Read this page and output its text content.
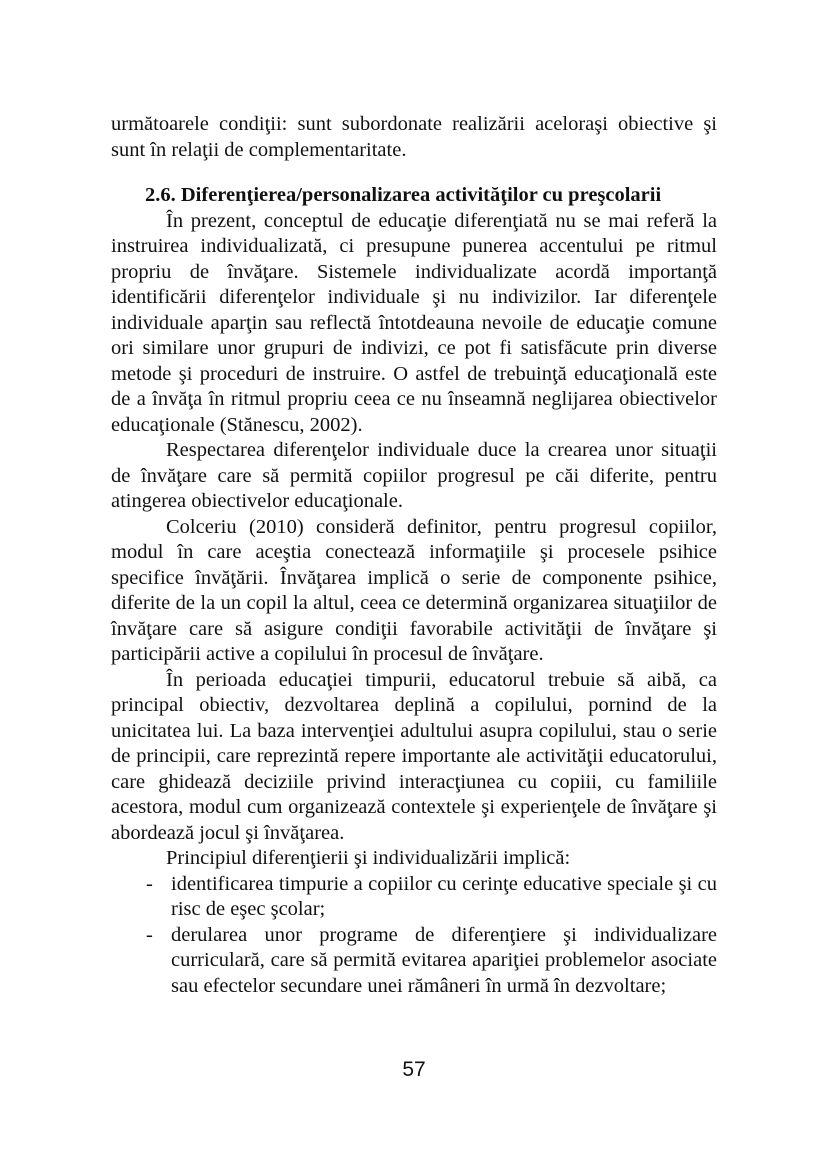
următoarele condiţii: sunt subordonate realizării aceloraşi obiective şi sunt în relaţii de complementaritate.

2.6. Diferenţierea/personalizarea activităţilor cu preşcolarii

În prezent, conceptul de educaţie diferenţiată nu se mai referă la instruirea individualizată, ci presupune punerea accentului pe ritmul propriu de învăţare. Sistemele individualizate acordă importanţă identificării diferenţelor individuale şi nu indivizilor. Iar diferenţele individuale aparţin sau reflectă întotdeauna nevoile de educaţie comune ori similare unor grupuri de indivizi, ce pot fi satisfăcute prin diverse metode şi proceduri de instruire. O astfel de trebuinţă educaţională este de a învăţa în ritmul propriu ceea ce nu înseamnă neglijarea obiectivelor educaţionale (Stănescu, 2002).

Respectarea diferenţelor individuale duce la crearea unor situaţii de învăţare care să permită copiilor progresul pe căi diferite, pentru atingerea obiectivelor educaţionale.

Colceriu (2010) consideră definitor, pentru progresul copiilor, modul în care aceştia conectează informaţiile şi procesele psihice specifice învăţării. Învăţarea implică o serie de componente psihice, diferite de la un copil la altul, ceea ce determină organizarea situaţiilor de învăţare care să asigure condiţii favorabile activităţii de învăţare şi participării active a copilului în procesul de învăţare.

În perioada educaţiei timpurii, educatorul trebuie să aibă, ca principal obiectiv, dezvoltarea deplină a copilului, pornind de la unicitatea lui. La baza intervenţiei adultului asupra copilului, stau o serie de principii, care reprezintă repere importante ale activităţii educatorului, care ghidează deciziile privind interacţiunea cu copiii, cu familiile acestora, modul cum organizează contextele şi experienţele de învăţare şi abordează jocul şi învăţarea.

Principiul diferenţierii şi individualizării implică:

- identificarea timpurie a copiilor cu cerinţe educative speciale şi cu risc de eşec şcolar;
- derularea unor programe de diferenţiere şi individualizare curriculară, care să permită evitarea apariţiei problemelor asociate sau efectelor secundare unei rămâneri în urmă în dezvoltare;
57
